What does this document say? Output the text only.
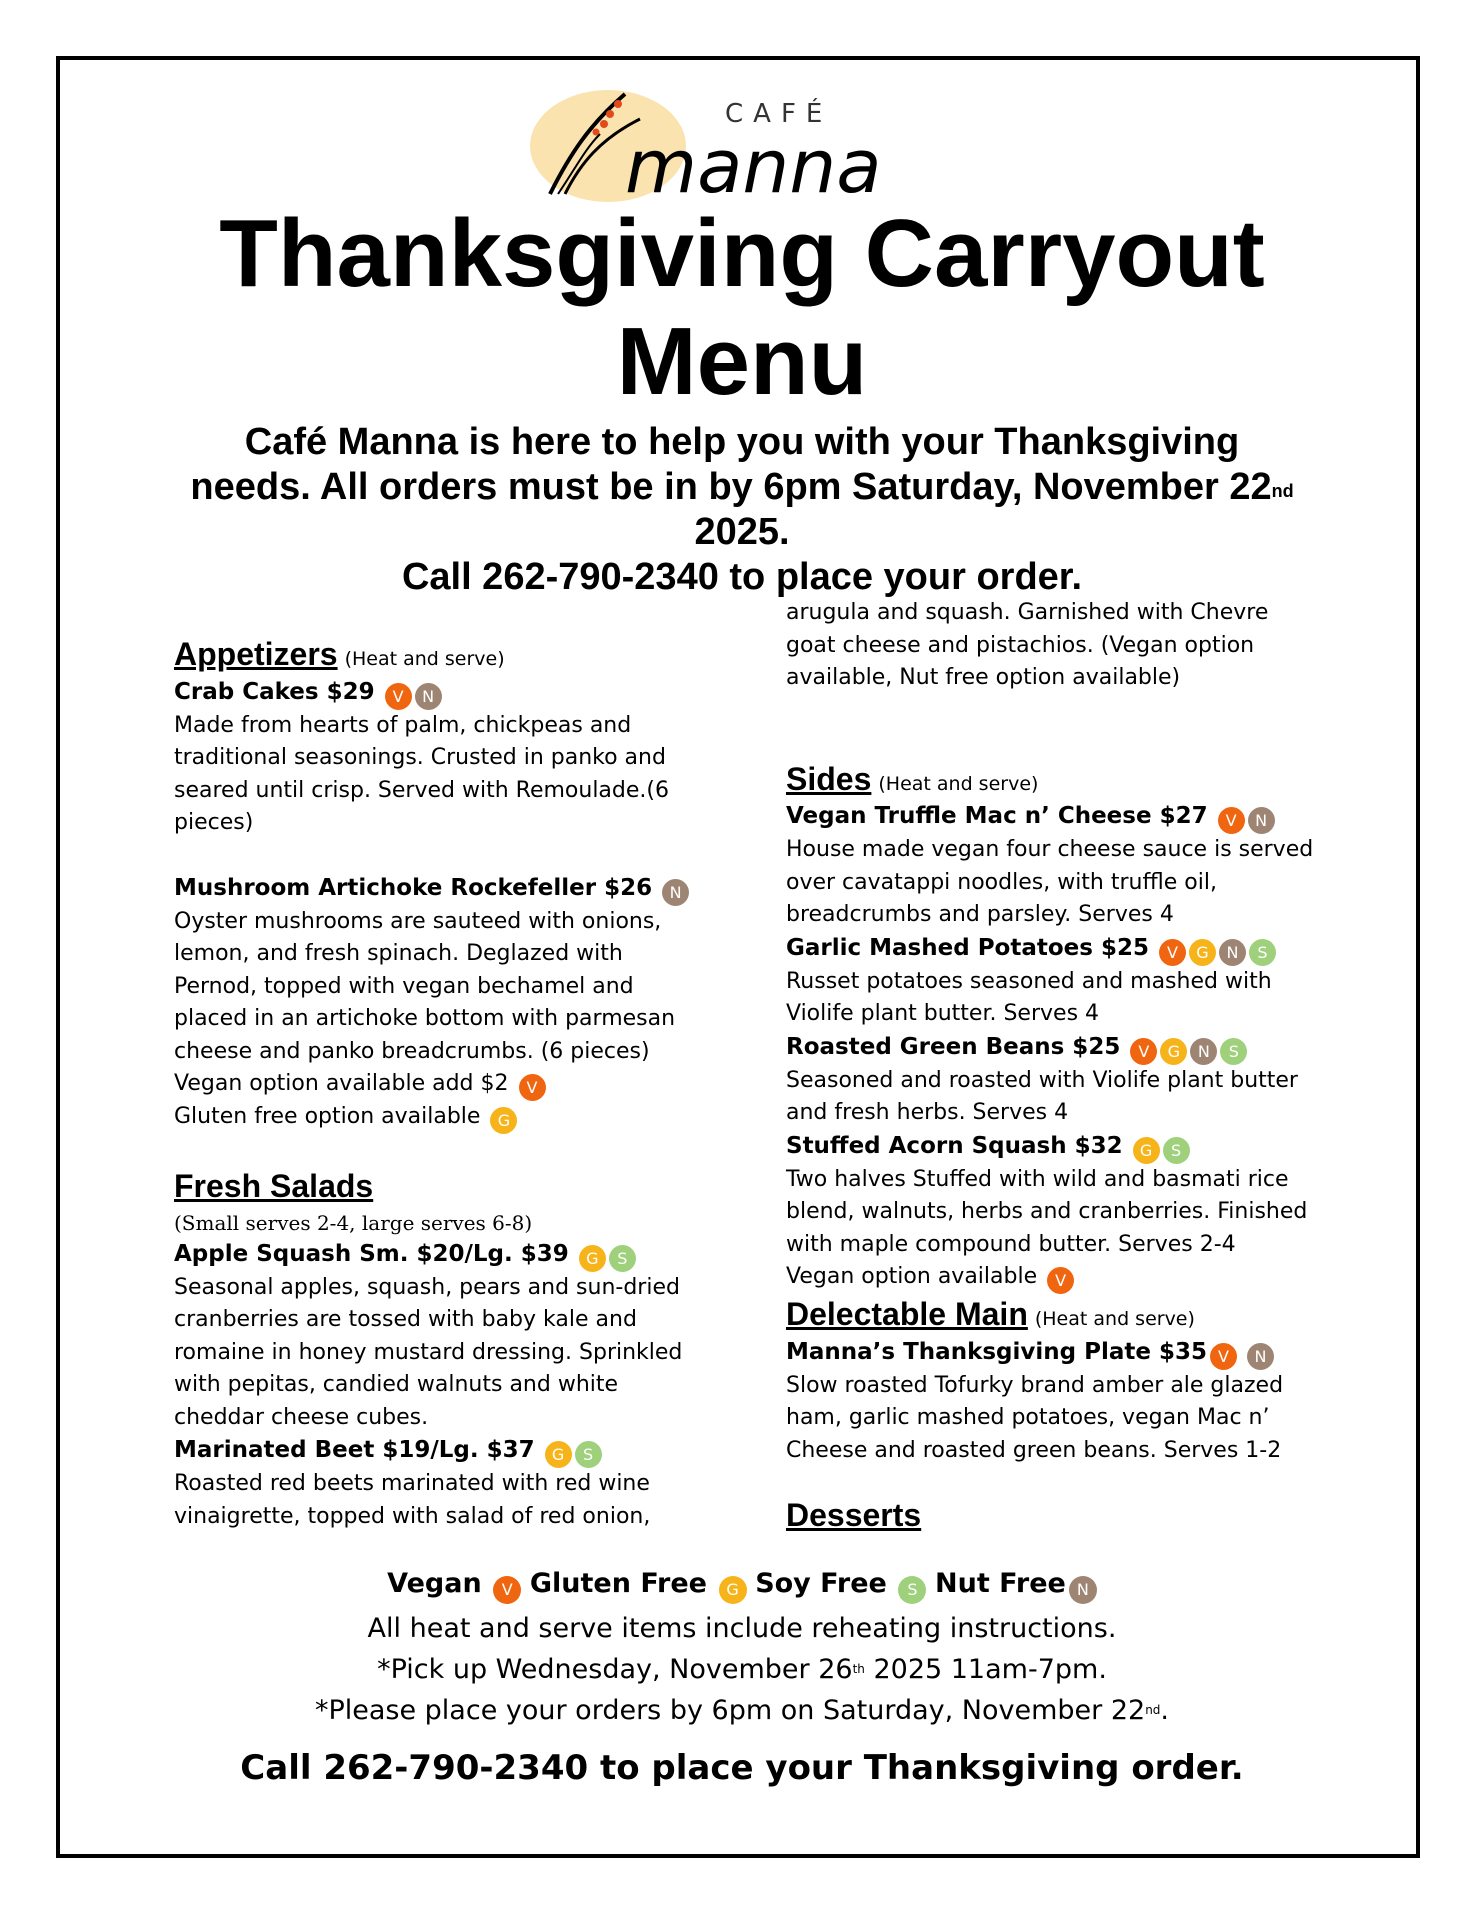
CAFÉ
manna
Thanksgiving Carryout
Menu
Café Manna is here to help you with your Thanksgiving
needs. All orders must be in by 6pm Saturday, November 22nd
2025.
Call 262-790-2340 to place your order.
Appetizers (Heat and serve)
Crab Cakes $29 V N
Made from hearts of palm, chickpeas and traditional seasonings. Crusted in panko and seared until crisp. Served with Remoulade.(6 pieces)
Mushroom Artichoke Rockefeller $26 N
Oyster mushrooms are sauteed with onions, lemon, and fresh spinach. Deglazed with Pernod, topped with vegan bechamel and placed in an artichoke bottom with parmesan cheese and panko breadcrumbs. (6 pieces)
Vegan option available add $2 V
Gluten free option available G
Fresh Salads
(Small serves 2-4, large serves 6-8)
Apple Squash Sm. $20/Lg. $39 G S
Seasonal apples, squash, pears and sun-dried cranberries are tossed with baby kale and romaine in honey mustard dressing. Sprinkled with pepitas, candied walnuts and white cheddar cheese cubes.
Marinated Beet $19/Lg. $37 G S
Roasted red beets marinated with red wine vinaigrette, topped with salad of red onion,
arugula and squash. Garnished with Chevre goat cheese and pistachios. (Vegan option available, Nut free option available)
Sides (Heat and serve)
Vegan Truffle Mac n’ Cheese $27 V N
House made vegan four cheese sauce is served over cavatappi noodles, with truffle oil, breadcrumbs and parsley. Serves 4
Garlic Mashed Potatoes $25 V G N S
Russet potatoes seasoned and mashed with Violife plant butter. Serves 4
Roasted Green Beans $25 V G N S
Seasoned and roasted with Violife plant butter and fresh herbs. Serves 4
Stuffed Acorn Squash $32 G S
Two halves Stuffed with wild and basmati rice blend, walnuts, herbs and cranberries. Finished with maple compound butter. Serves 2-4
Vegan option available V
Delectable Main (Heat and serve)
Manna’s Thanksgiving Plate $35 V N
Slow roasted Tofurky brand amber ale glazed ham, garlic mashed potatoes, vegan Mac n’ Cheese and roasted green beans. Serves 1-2
Desserts
Vegan V Gluten Free G Soy Free S Nut Free N
All heat and serve items include reheating instructions.
*Pick up Wednesday, November 26th 2025 11am-7pm.
*Please place your orders by 6pm on Saturday, November 22nd.
Call 262-790-2340 to place your Thanksgiving order.
